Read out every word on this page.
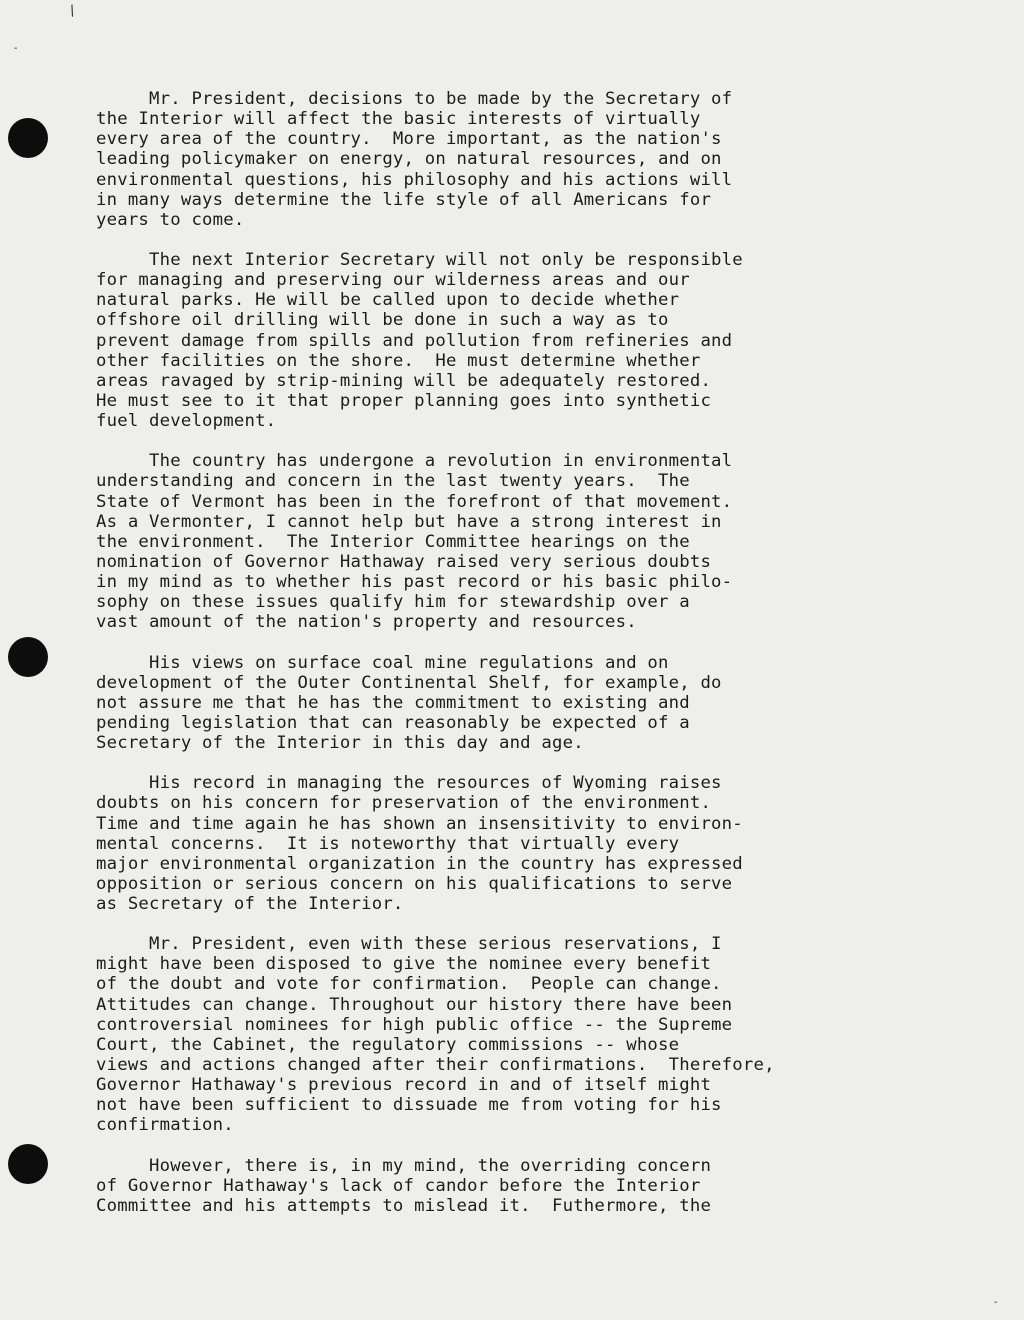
/
-
-
Mr. President, decisions to be made by the Secretary of
the Interior will affect the basic interests of virtually
every area of the country.  More important, as the nation's
leading policymaker on energy, on natural resources, and on
environmental questions, his philosophy and his actions will
in many ways determine the life style of all Americans for
years to come.
The next Interior Secretary will not only be responsible
for managing and preserving our wilderness areas and our
natural parks. He will be called upon to decide whether
offshore oil drilling will be done in such a way as to
prevent damage from spills and pollution from refineries and
other facilities on the shore.  He must determine whether
areas ravaged by strip-mining will be adequately restored.
He must see to it that proper planning goes into synthetic
fuel development.
The country has undergone a revolution in environmental
understanding and concern in the last twenty years.  The
State of Vermont has been in the forefront of that movement.
As a Vermonter, I cannot help but have a strong interest in
the environment.  The Interior Committee hearings on the
nomination of Governor Hathaway raised very serious doubts
in my mind as to whether his past record or his basic philo-
sophy on these issues qualify him for stewardship over a
vast amount of the nation's property and resources.
His views on surface coal mine regulations and on
development of the Outer Continental Shelf, for example, do
not assure me that he has the commitment to existing and
pending legislation that can reasonably be expected of a
Secretary of the Interior in this day and age.
His record in managing the resources of Wyoming raises
doubts on his concern for preservation of the environment.
Time and time again he has shown an insensitivity to environ-
mental concerns.  It is noteworthy that virtually every
major environmental organization in the country has expressed
opposition or serious concern on his qualifications to serve
as Secretary of the Interior.
Mr. President, even with these serious reservations, I
might have been disposed to give the nominee every benefit
of the doubt and vote for confirmation.  People can change.
Attitudes can change. Throughout our history there have been
controversial nominees for high public office -- the Supreme
Court, the Cabinet, the regulatory commissions -- whose
views and actions changed after their confirmations.  Therefore,
Governor Hathaway's previous record in and of itself might
not have been sufficient to dissuade me from voting for his
confirmation.
However, there is, in my mind, the overriding concern
of Governor Hathaway's lack of candor before the Interior
Committee and his attempts to mislead it.  Futhermore, the
